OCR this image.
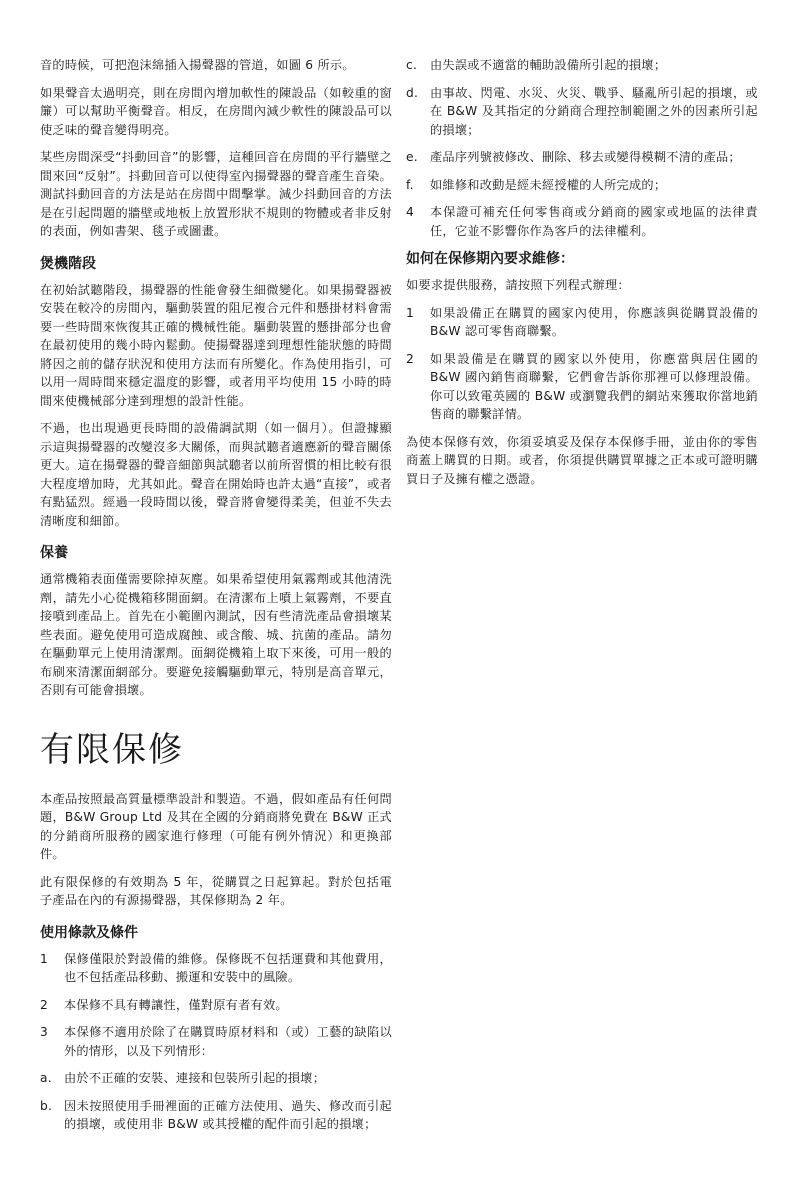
音的時候，可把泡沫綿插入揚聲器的管道，如圖 6 所示。

如果聲音太過明亮，則在房間內增加軟性的陳設品（如較重的窗簾）可以幫助平衡聲音。相反，在房間內減少軟性的陳設品可以使乏味的聲音變得明亮。

某些房間深受“抖動回音”的影響，這種回音在房間的平行牆壁之間來回“反射”。抖動回音可以使得室內揚聲器的聲音產生音染。測試抖動回音的方法是站在房間中間擊掌。減少抖動回音的方法是在引起問題的牆壁或地板上放置形狀不規則的物體或者非反射的表面，例如書架、毯子或圖畫。

煲機階段

在初始試聽階段，揚聲器的性能會發生細微變化。如果揚聲器被安裝在較冷的房間內，驅動裝置的阻尼複合元件和懸掛材料會需要一些時間來恢復其正確的機械性能。驅動裝置的懸掛部分也會在最初使用的幾小時內鬆動。使揚聲器達到理想性能狀態的時間將因之前的儲存狀況和使用方法而有所變化。作為使用指引，可以用一周時間來穩定溫度的影響，或者用平均使用 15 小時的時間來使機械部分達到理想的設計性能。

不過，也出現過更長時間的設備調試期（如一個月）。但證據顯示這與揚聲器的改變沒多大關係，而與試聽者適應新的聲音關係更大。這在揚聲器的聲音細節與試聽者以前所習慣的相比較有很大程度增加時，尤其如此。聲音在開始時也許太過“直接”，或者有點猛烈。經過一段時間以後，聲音將會變得柔美，但並不失去清晰度和細節。

保養

通常機箱表面僅需要除掉灰塵。如果希望使用氣霧劑或其他清洗劑，請先小心從機箱移開面網。在清潔布上噴上氣霧劑，不要直接噴到產品上。首先在小範圍內測試，因有些清洗產品會損壞某些表面。避免使用可造成腐蝕、或含酸、城、抗菌的產品。請勿在驅動單元上使用清潔劑。面網從機箱上取下來後，可用一般的布刷來清潔面網部分。要避免接觸驅動單元，特別是高音單元，否則有可能會損壞。

有限保修

本產品按照最高質量標準設計和製造。不過，假如產品有任何問題，B&W Group Ltd 及其在全國的分銷商將免費在 B&W 正式的分銷商所服務的國家進行修理（可能有例外情況）和更換部件。

此有限保修的有效期為 5 年，從購買之日起算起。對於包括電子產品在內的有源揚聲器，其保修期為 2 年。

使用條款及條件
1	保修僅限於對設備的維修。保修既不包括運費和其他費用，也不包括產品移動、搬運和安裝中的風險。
2	本保修不具有轉讓性，僅對原有者有效。
3	本保修不適用於除了在購買時原材料和（或）工藝的缺陷以外的情形，以及下列情形：
a. 由於不正確的安裝、連接和包裝所引起的損壞；
b. 因未按照使用手冊裡面的正確方法使用、過失、修改而引起的損壞，或使用非 B&W 或其授權的配件而引起的損壞；
c.	由失誤或不適當的輔助設備所引起的損壞；
d. 由事故、閃電、水災、火災、戰爭、騷亂所引起的損壞，或在 B&W 及其指定的分銷商合理控制範圍之外的因素所引起的損壞；
e. 產品序列號被修改、刪除、移去或變得模糊不清的產品；
f.	如維修和改動是經未經授權的人所完成的；
4	本保證可補充任何零售商或分銷商的國家或地區的法律責任，它並不影響你作為客戶的法律權利。
如何在保修期內要求維修：

如要求提供服務，請按照下列程式辦理：

1	如果設備正在購買的國家內使用，你應該與從購買設備的 B&W 認可零售商聯繫。
2	如果設備是在購買的國家以外使用，你應當與居住國的 B&W 國內銷售商聯繫，它們會告訴你那裡可以修理設備。你可以致電英國的 B&W 或瀏覽我們的網站來獲取你當地銷售商的聯繫詳情。

為使本保修有效，你須妥填妥及保存本保修手冊，並由你的零售商蓋上購買的日期。或者，你須提供購買單據之正本或可證明購買日子及擁有權之憑證。
